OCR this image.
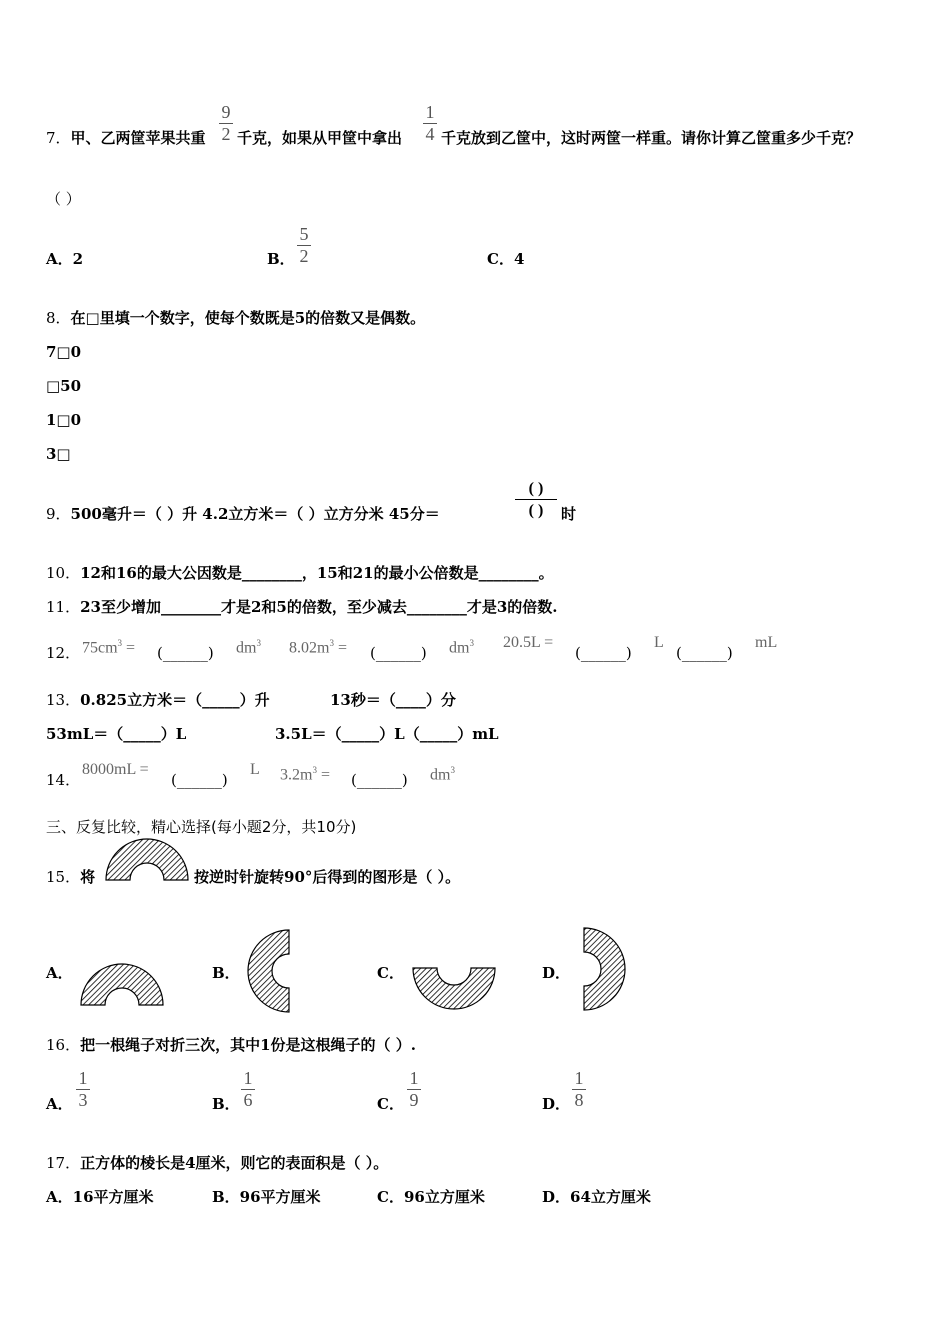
7．甲、乙两筐苹果共重
9
2 千克，如果从甲筐中拿出
1
4 千克放到乙筐中，这时两筐一样重。请你计算乙筐重多少千克？
（ ）
A．2	B．
5
2	C．4
8．在□里填一个数字，使每个数既是5的倍数又是偶数。
7□0
□50
1□0
3□
9．500毫升＝（ ）升 4.2立方米＝（ ）立方分米 45分＝
( )
( ) 时
10．12和16的最大公因数是________，15和21的最小公倍数是________。
11．23至少增加________才是2和5的倍数，至少减去________才是3的倍数.
12． $75cm^3$ = (______) $dm^3$ $8.02m^3$ = (______) $dm^3$ 20.5L =
(______)
L
(______)
mL
13．0.825立方米＝（_____）升	13秒＝（____）分
53mL＝（_____）L	3.5L＝（_____）L（_____）mL
14．
8000mL =
(______)
L $3.2m^3$ = (______) $dm^3$
三、反复比较，精心选择(每小题2分，共10分)
15．将	按逆时针旋转90°后得到的图形是（ ）。
A．	B．	C．	D．
16．把一根绳子对折三次，其中1份是这根绳子的（ ）.
A．
1
3	B．
1
6	C．
1
9	D．
1
8
17．正方体的棱长是4厘米，则它的表面积是（ ）。
A．16平方厘米	B．96平方厘米	C．96立方厘米	D．64立方厘米
